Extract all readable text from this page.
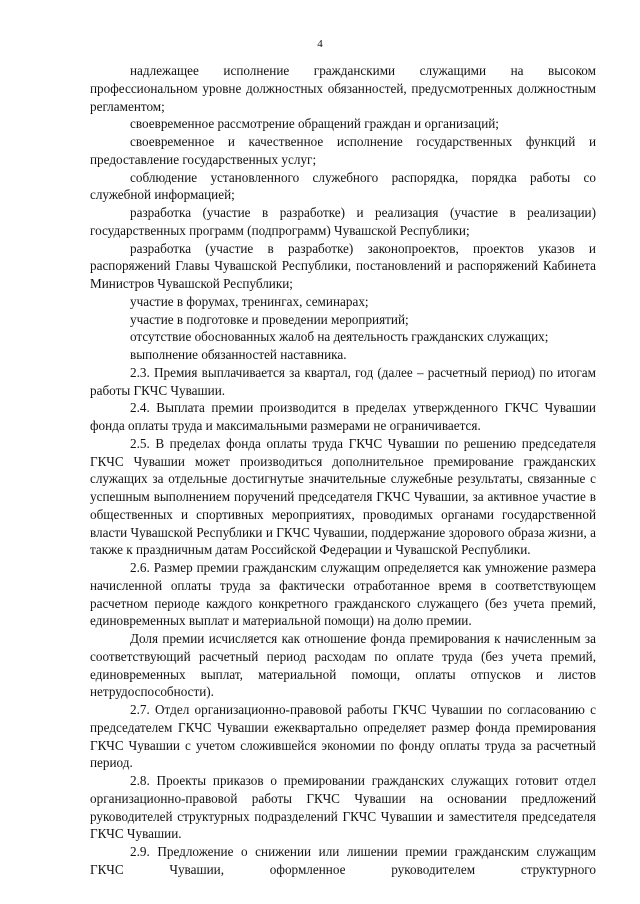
4

надлежащее исполнение гражданскими служащими на высоком профессиональном уровне должностных обязанностей, предусмотренных должностным регламентом;

своевременное рассмотрение обращений граждан и организаций;

своевременное и качественное исполнение государственных функций и предоставление государственных услуг;

соблюдение установленного служебного распорядка, порядка работы со служебной информацией;

разработка (участие в разработке) и реализация (участие в реализации) государственных программ (подпрограмм) Чувашской Республики;

разработка (участие в разработке) законопроектов, проектов указов и распоряжений Главы Чувашской Республики, постановлений и распоряжений Кабинета Министров Чувашской Республики;

участие в форумах, тренингах, семинарах;

участие в подготовке и проведении мероприятий;

отсутствие обоснованных жалоб на деятельность гражданских служащих;

выполнение обязанностей наставника.

2.3. Премия выплачивается за квартал, год (далее – расчетный период) по итогам работы ГКЧС Чувашии.

2.4. Выплата премии производится в пределах утвержденного ГКЧС Чувашии фонда оплаты труда и максимальными размерами не ограничивается.

2.5. В пределах фонда оплаты труда ГКЧС Чувашии по решению председателя ГКЧС Чувашии может производиться дополнительное премирование гражданских служащих за отдельные достигнутые значительные служебные результаты, связанные с успешным выполнением поручений председателя ГКЧС Чувашии, за активное участие в общественных и спортивных мероприятиях, проводимых органами государственной власти Чувашской Республики и ГКЧС Чувашии, поддержание здорового образа жизни, а также к праздничным датам Российской Федерации и Чувашской Республики.

2.6. Размер премии гражданским служащим определяется как умножение размера начисленной оплаты труда за фактически отработанное время в соответствующем расчетном периоде каждого конкретного гражданского служащего (без учета премий, единовременных выплат и материальной помощи) на долю премии.

Доля премии исчисляется как отношение фонда премирования к начисленным за соответствующий расчетный период расходам по оплате труда (без учета премий, единовременных выплат, материальной помощи, оплаты отпусков и листов нетрудоспособности).

2.7. Отдел организационно-правовой работы ГКЧС Чувашии по согласованию с председателем ГКЧС Чувашии ежеквартально определяет размер фонда премирования ГКЧС Чувашии с учетом сложившейся экономии по фонду оплаты труда за расчетный период.

2.8. Проекты приказов о премировании гражданских служащих готовит отдел организационно-правовой работы ГКЧС Чувашии на основании предложений руководителей структурных подразделений ГКЧС Чувашии и заместителя председателя ГКЧС Чувашии.

2.9. Предложение о снижении или лишении премии гражданским служащим ГКЧС Чувашии, оформленное руководителем структурного
